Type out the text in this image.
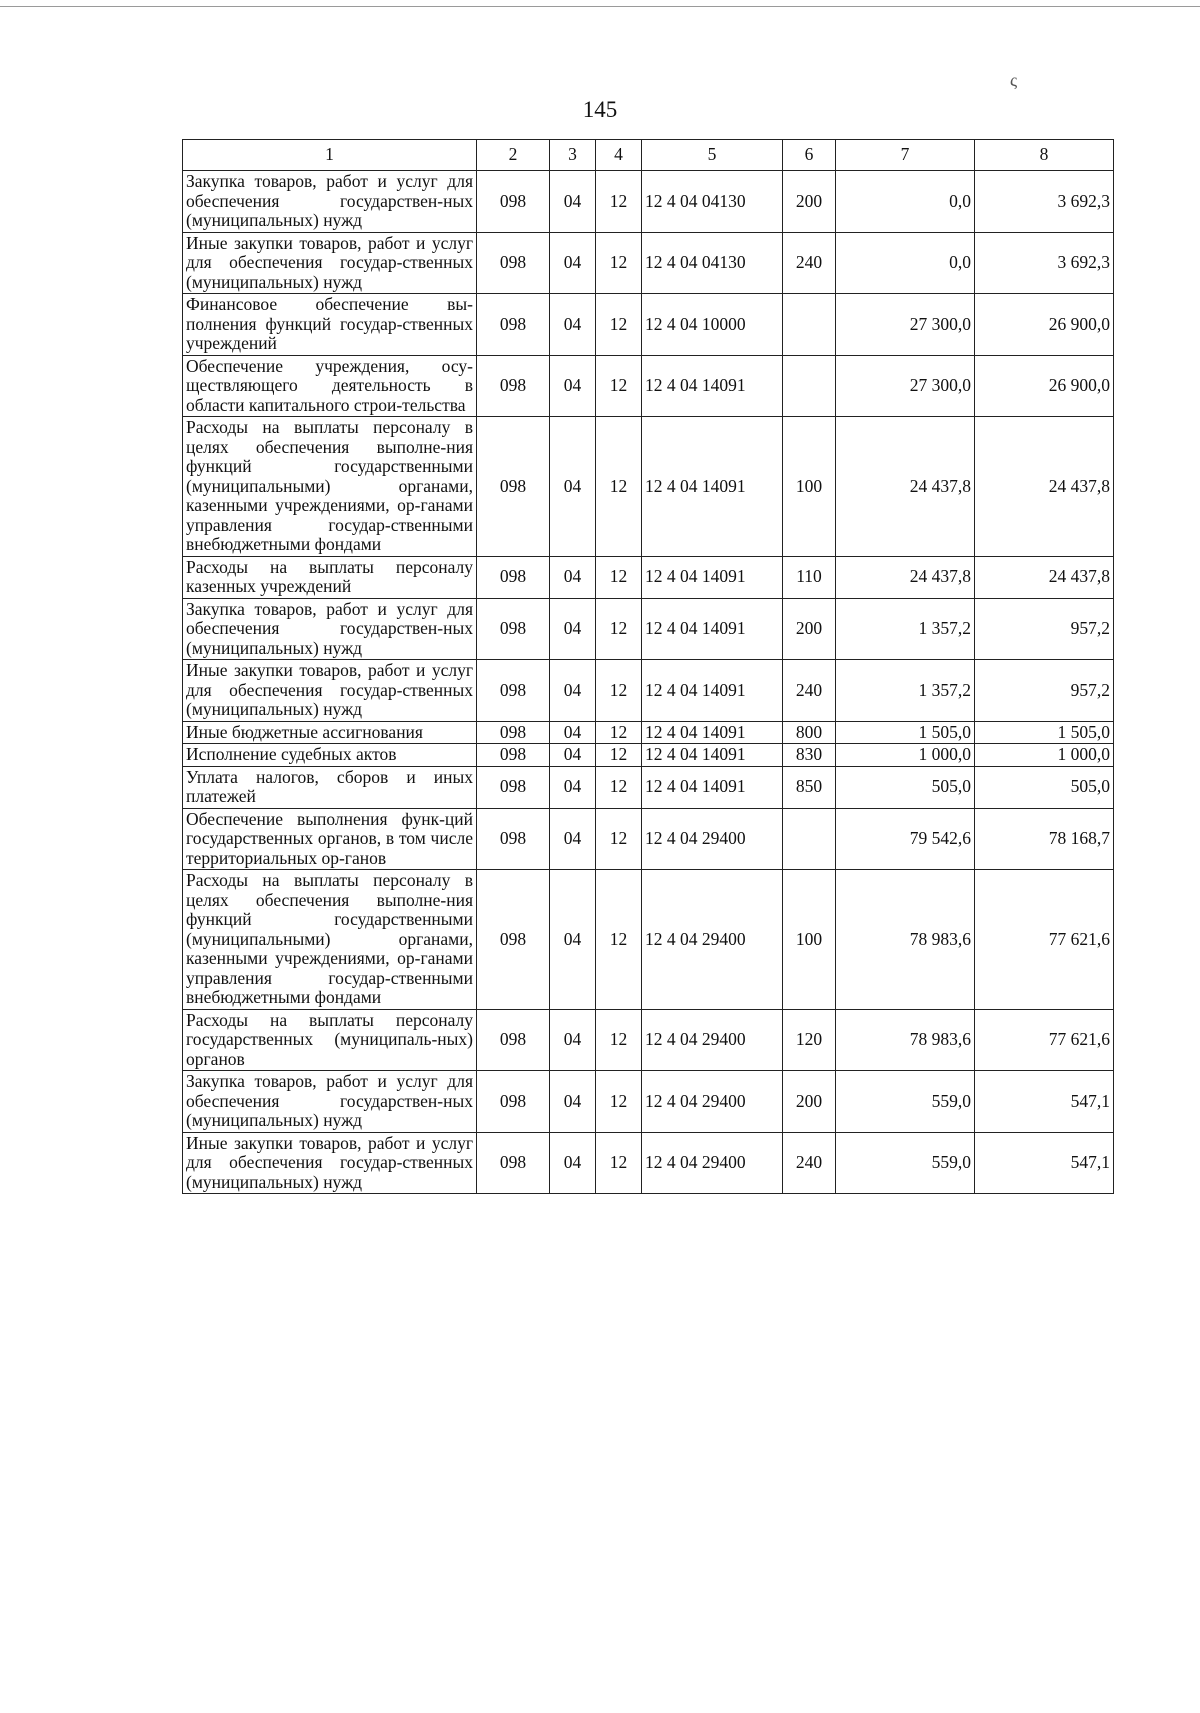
ς
145
1	2	3	4	5	6	7	8
Закупка товаров, работ и услуг для обеспечения государствен-ных (муниципальных) нужд	098	04	12	12 4 04 04130	200	0,0	3 692,3
Иные закупки товаров, работ и услуг для обеспечения государ-ственных (муниципальных) нужд	098	04	12	12 4 04 04130	240	0,0	3 692,3
Финансовое обеспечение вы-полнения функций государ-ственных учреждений	098	04	12	12 4 04 10000		27 300,0	26 900,0
Обеспечение учреждения, осу-ществляющего деятельность в области капитального строи-тельства	098	04	12	12 4 04 14091		27 300,0	26 900,0
Расходы на выплаты персоналу в целях обеспечения выполне-ния функций государственными (муниципальными) органами, казенными учреждениями, ор-ганами управления государ-ственными внебюджетными фондами	098	04	12	12 4 04 14091	100	24 437,8	24 437,8
Расходы на выплаты персоналу казенных учреждений	098	04	12	12 4 04 14091	110	24 437,8	24 437,8
Закупка товаров, работ и услуг для обеспечения государствен-ных (муниципальных) нужд	098	04	12	12 4 04 14091	200	1 357,2	957,2
Иные закупки товаров, работ и услуг для обеспечения государ-ственных (муниципальных) нужд	098	04	12	12 4 04 14091	240	1 357,2	957,2
Иные бюджетные ассигнования	098	04	12	12 4 04 14091	800	1 505,0	1 505,0
Исполнение судебных актов	098	04	12	12 4 04 14091	830	1 000,0	1 000,0
Уплата налогов, сборов и иных платежей	098	04	12	12 4 04 14091	850	505,0	505,0
Обеспечение выполнения функ-ций государственных органов, в том числе территориальных ор-ганов	098	04	12	12 4 04 29400		79 542,6	78 168,7
Расходы на выплаты персоналу в целях обеспечения выполне-ния функций государственными (муниципальными) органами, казенными учреждениями, ор-ганами управления государ-ственными внебюджетными фондами	098	04	12	12 4 04 29400	100	78 983,6	77 621,6
Расходы на выплаты персоналу государственных (муниципаль-ных) органов	098	04	12	12 4 04 29400	120	78 983,6	77 621,6
Закупка товаров, работ и услуг для обеспечения государствен-ных (муниципальных) нужд	098	04	12	12 4 04 29400	200	559,0	547,1
Иные закупки товаров, работ и услуг для обеспечения государ-ственных (муниципальных) нужд	098	04	12	12 4 04 29400	240	559,0	547,1
